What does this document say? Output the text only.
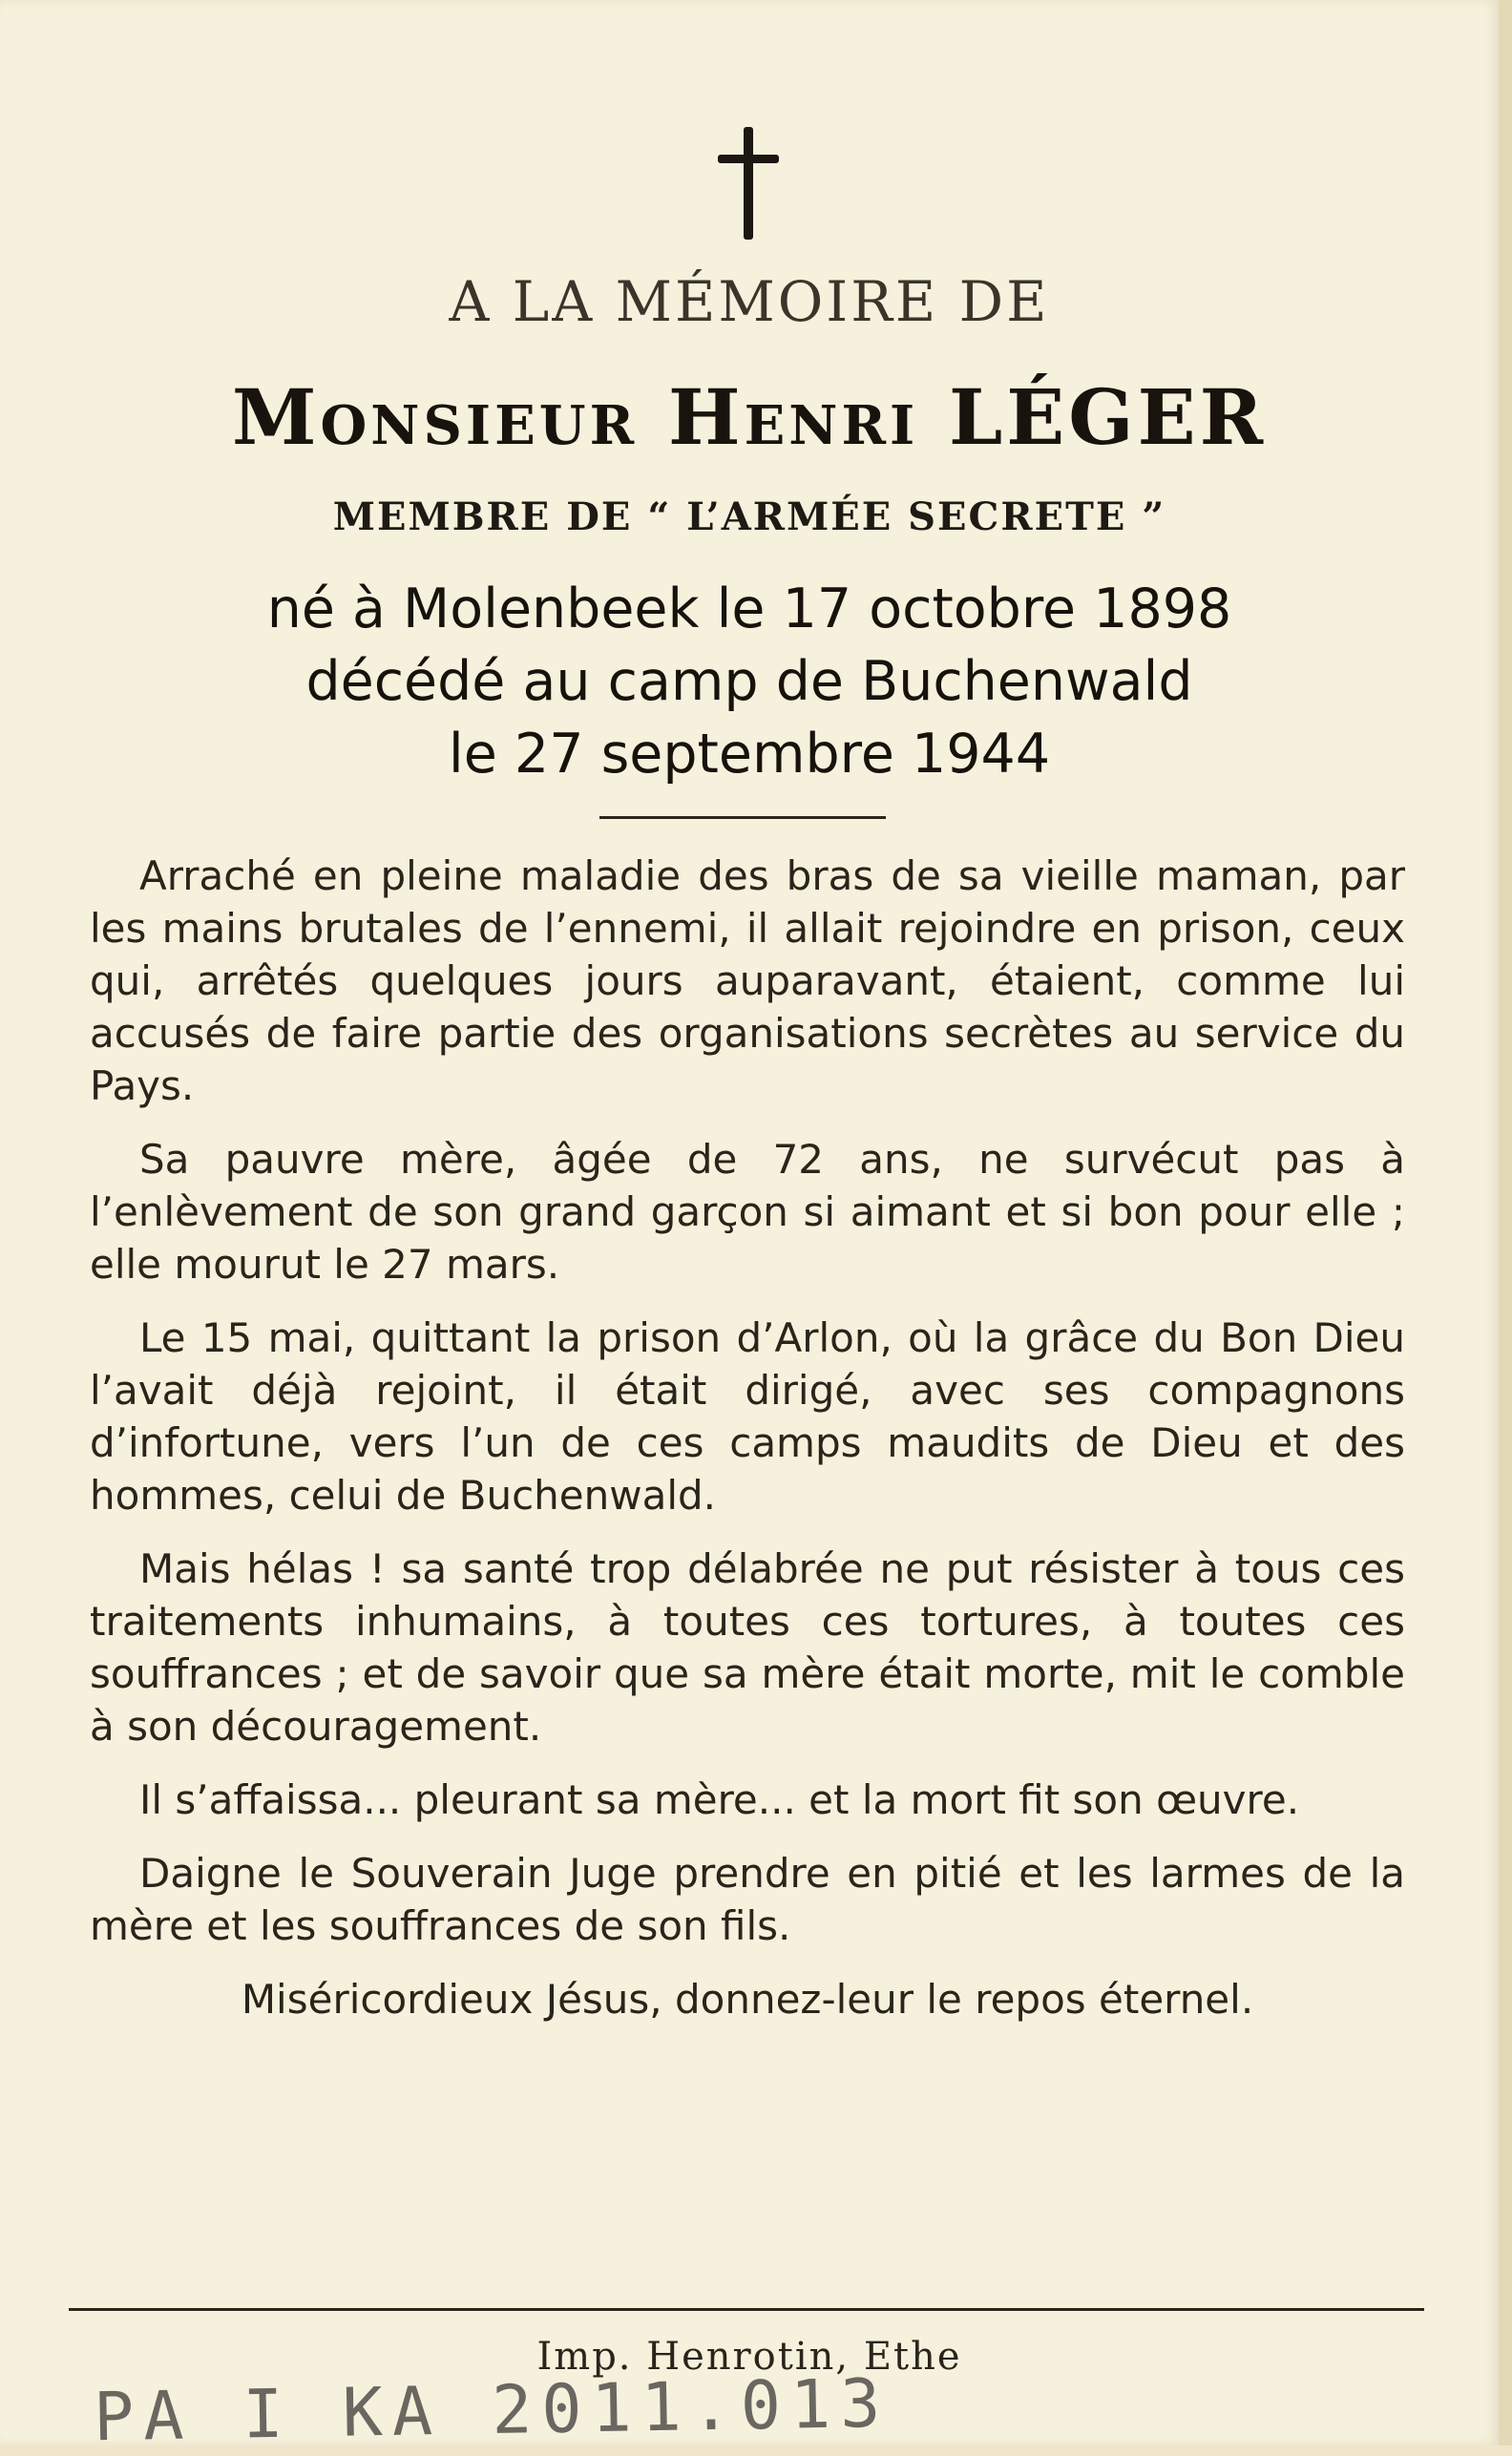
A LA MÉMOIRE DE
Monsieur Henri LÉGER
MEMBRE DE “ L’ARMÉE SECRETE ”
né à Molenbeek le 17 octobre 1898
décédé au camp de Buchenwald
le 27 septembre 1944

Arraché en pleine maladie des bras de sa vieille maman, par les mains brutales de l’ennemi, il allait rejoindre en prison, ceux qui, arrêtés quelques jours auparavant, étaient, comme lui accusés de faire partie des organisations secrètes au service du Pays.

Sa pauvre mère, âgée de 72 ans, ne survécut pas à l’enlèvement de son grand garçon si aimant et si bon pour elle ; elle mourut le 27 mars.

Le 15 mai, quittant la prison d’Arlon, où la grâce du Bon Dieu l’avait déjà rejoint, il était dirigé, avec ses compagnons d’infortune, vers l’un de ces camps maudits de Dieu et des hommes, celui de Buchenwald.

Mais hélas ! sa santé trop délabrée ne put résister à tous ces traitements inhumains, à toutes ces tortures, à toutes ces souffrances ; et de savoir que sa mère était morte, mit le comble à son découragement.

Il s’affaissa... pleurant sa mère... et la mort fit son œuvre.

Daigne le Souverain Juge prendre en pitié et les larmes de la mère et les souffrances de son fils.

Miséricordieux Jésus, donnez-leur le repos éternel.

Imp. Henrotin, Ethe
PA I KA 2011.013
